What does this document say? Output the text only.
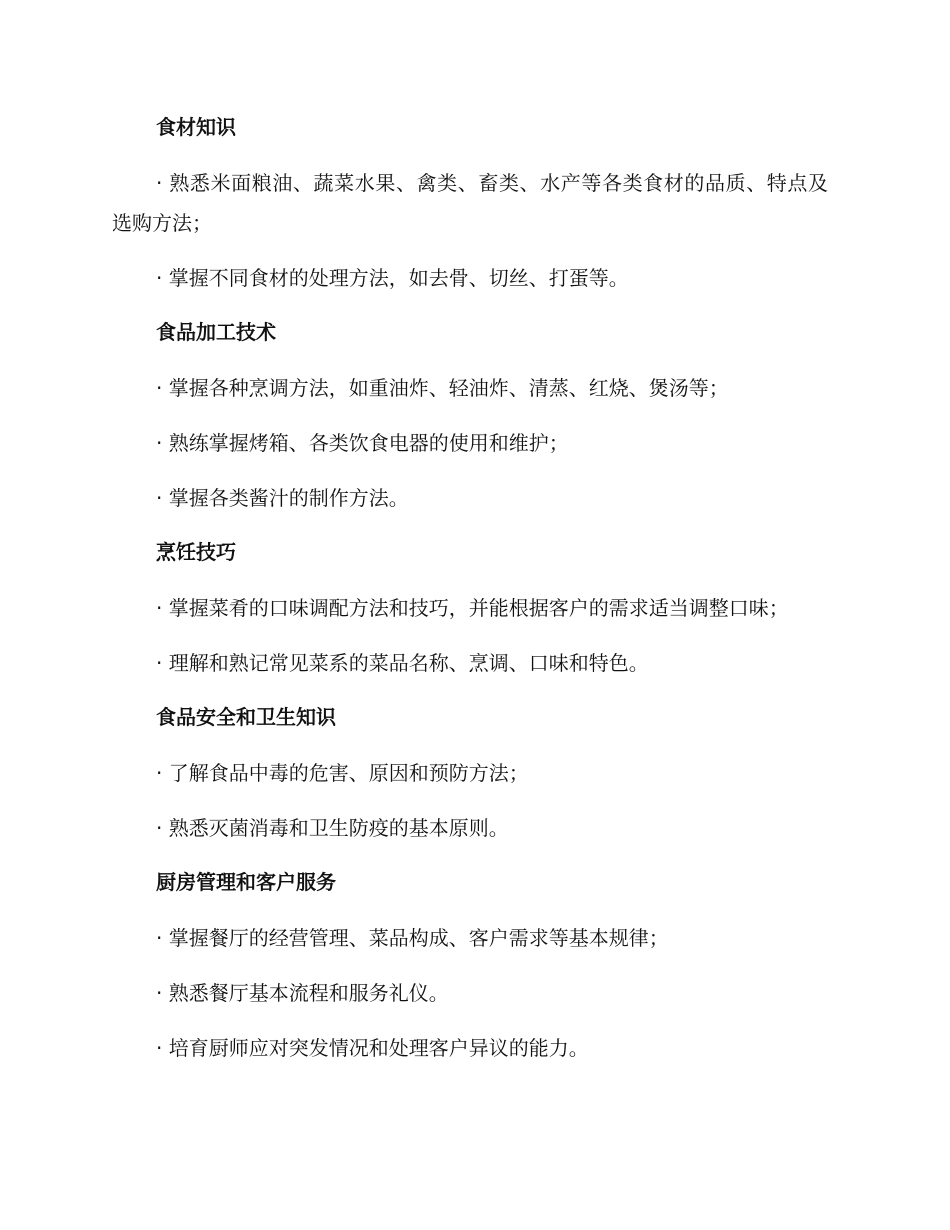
食材知识
· 熟悉米面粮油、蔬菜水果、禽类、畜类、水产等各类食材的品质、特点及选购方法；
· 掌握不同食材的处理方法，如去骨、切丝、打蛋等。
食品加工技术
· 掌握各种烹调方法，如重油炸、轻油炸、清蒸、红烧、煲汤等；
· 熟练掌握烤箱、各类饮食电器的使用和维护；
· 掌握各类酱汁的制作方法。
烹饪技巧
· 掌握菜肴的口味调配方法和技巧，并能根据客户的需求适当调整口味；
· 理解和熟记常见菜系的菜品名称、烹调、口味和特色。
食品安全和卫生知识
· 了解食品中毒的危害、原因和预防方法；
· 熟悉灭菌消毒和卫生防疫的基本原则。
厨房管理和客户服务
· 掌握餐厅的经营管理、菜品构成、客户需求等基本规律；
· 熟悉餐厅基本流程和服务礼仪。
· 培育厨师应对突发情况和处理客户异议的能力。
